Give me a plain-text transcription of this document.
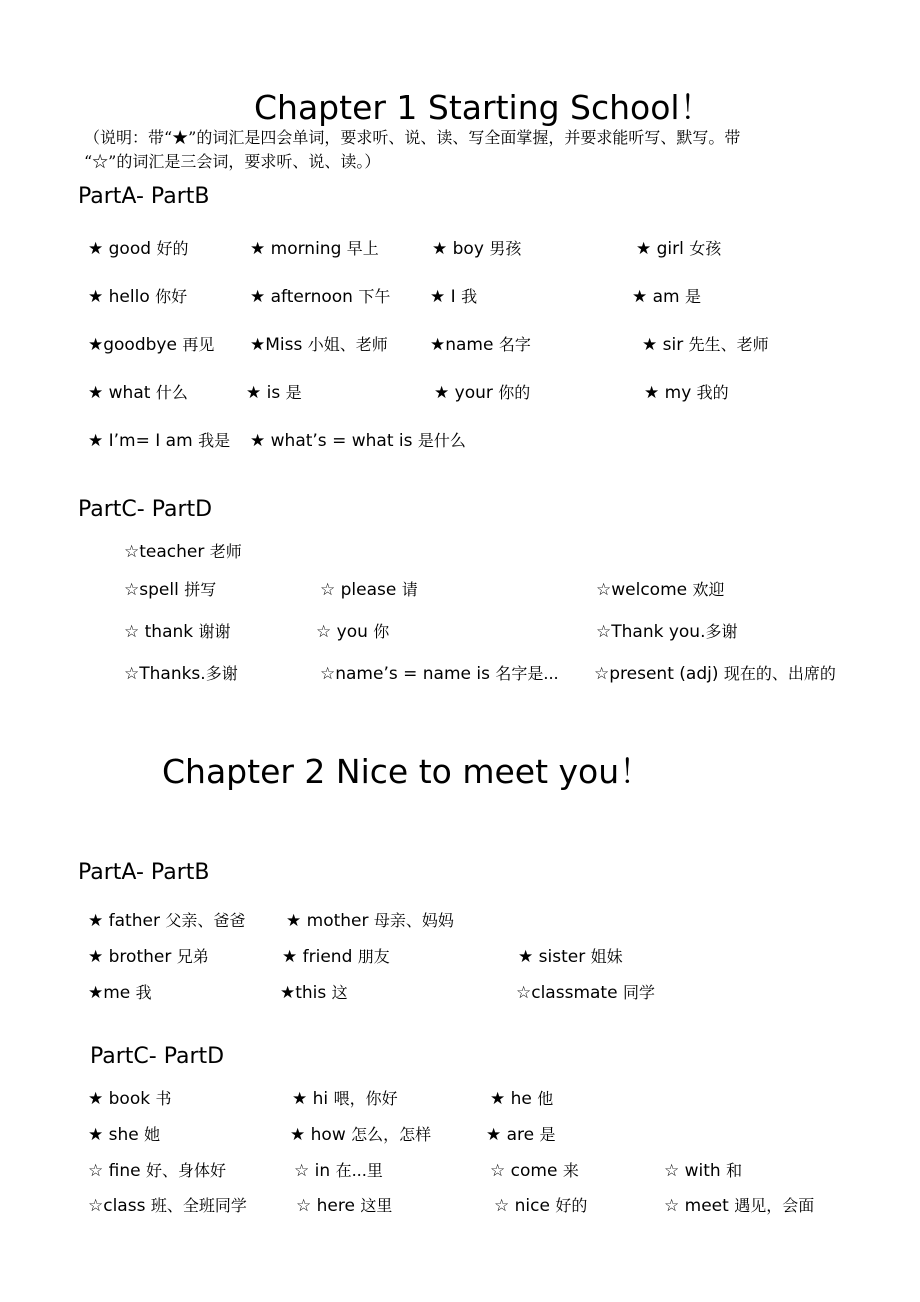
Chapter 1 Starting School！
（说明：带“★”的词汇是四会单词，要求听、说、读、写全面掌握，并要求能听写、默写。带
“☆”的词汇是三会词，要求听、说、读。）
PartA- PartB
★ good 好的	★ morning 早上	★ boy 男孩	★ girl 女孩
★ hello 你好	★ afternoon 下午 ★ I 我	★ am 是
★goodbye 再见 ★Miss 小姐、老师 ★name 名字	★ sir 先生、老师
★ what 什么	★ is 是	★ your 你的	★ my 我的
★ I’m= I am 我是 ★ what’s = what is 是什么
PartC- PartD
☆teacher 老师
☆spell 拼写	☆ please 请	☆welcome 欢迎
☆ thank 谢谢	☆ you 你	☆Thank you.多谢
☆Thanks.多谢	☆name’s = name is 名字是... ☆present (adj) 现在的、出席的
Chapter 2 Nice to meet you！
PartA- PartB
★ father 父亲、爸爸 ★ mother 母亲、妈妈
★ brother 兄弟	★ friend 朋友	★ sister 姐妹
★me 我	★this 这	☆classmate 同学
PartC- PartD
★ book 书	★ hi 喂，你好	★ he 他
★ she 她	★ how 怎么，怎样	★ are 是
☆ fine 好、身体好	☆ in 在...里	☆ come 来	☆ with 和
☆class 班、全班同学	☆ here 这里	☆ nice 好的	☆ meet 遇见，会面
